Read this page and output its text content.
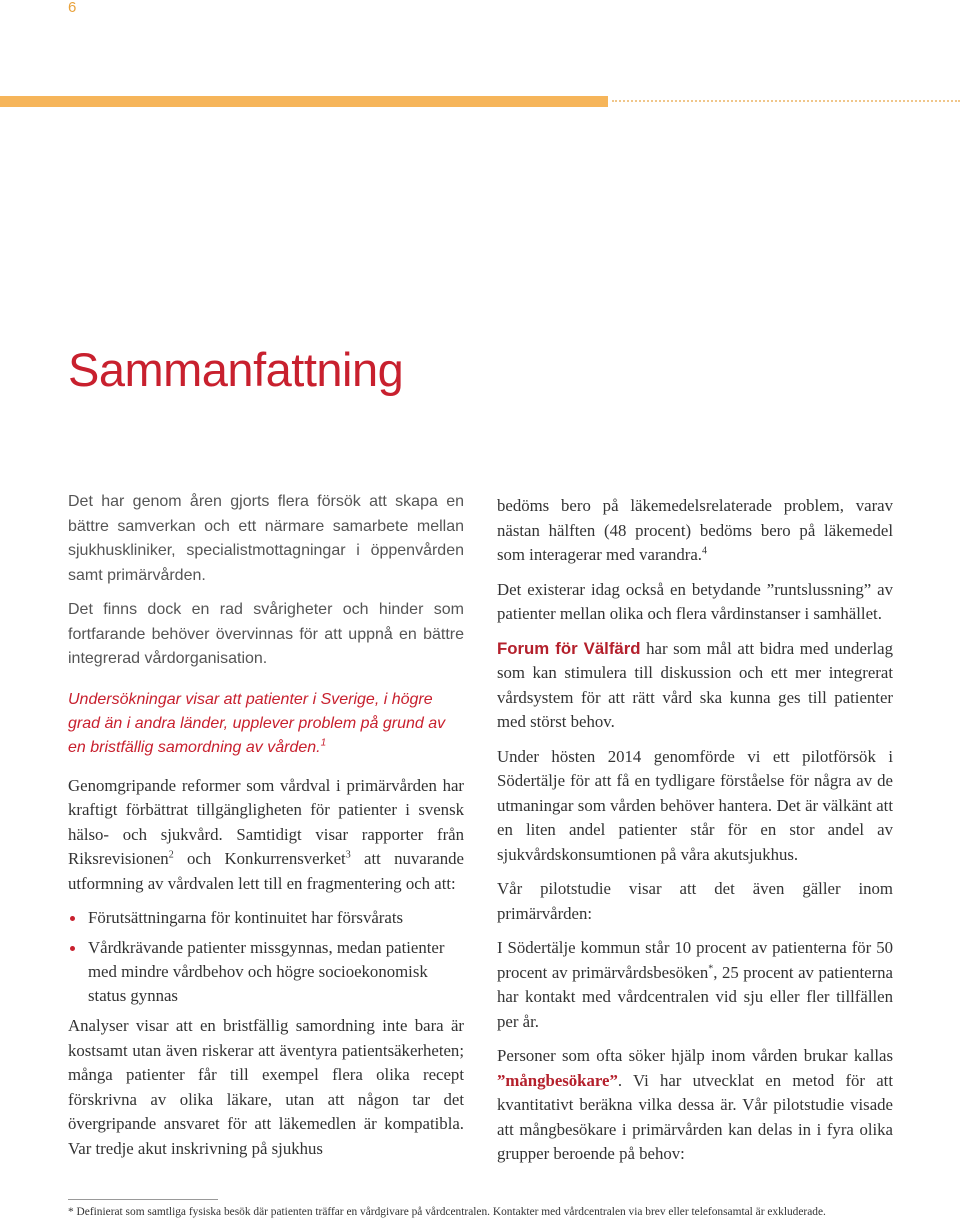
6
Sammanfattning

Det har genom åren gjorts flera försök att skapa en bättre samverkan och ett närmare samarbete mellan sjukhuskliniker, specialistmottagningar i öppenvården samt primärvården.

Det finns dock en rad svårigheter och hinder som fortfarande behöver övervinnas för att uppnå en bättre integrerad vårdorganisation.

Undersökningar visar att patienter i Sverige, i högre grad än i andra länder, upplever problem på grund av en bristfällig samordning av vården.$^1$

Genomgripande reformer som vårdval i primärvården har kraftigt förbättrat tillgängligheten för patienter i svensk hälso- och sjukvård. Samtidigt visar rapporter från Riksrevisionen$^2$ och Konkurrensverket$^3$ att nuvarande utformning av vårdvalen lett till en fragmentering och att:

Förutsättningarna för kontinuitet har försvårats
Vårdkrävande patienter missgynnas, medan patienter med mindre vårdbehov och högre socioekonomisk status gynnas

Analyser visar att en bristfällig samordning inte bara är kostsamt utan även riskerar att äventyra patientsäkerheten; många patienter får till exempel flera olika recept förskrivna av olika läkare, utan att någon tar det övergripande ansvaret för att läkemedlen är kompatibla. Var tredje akut inskrivning på sjukhus

bedöms bero på läkemedelsrelaterade problem, varav nästan hälften (48 procent) bedöms bero på läkemedel som interagerar med varandra.$^4$

Det existerar idag också en betydande ”runtslussning” av patienter mellan olika och flera vårdinstanser i samhället.

Forum för Välfärd har som mål att bidra med underlag som kan stimulera till diskussion och ett mer integrerat vårdsystem för att rätt vård ska kunna ges till patienter med störst behov.

Under hösten 2014 genomförde vi ett pilotförsök i Södertälje för att få en tydligare förståelse för några av de utmaningar som vården behöver hantera. Det är välkänt att en liten andel patienter står för en stor andel av sjukvårdskonsumtionen på våra akutsjukhus.

Vår pilotstudie visar att det även gäller inom primärvården:

I Södertälje kommun står 10 procent av patienterna för 50 procent av primärvårdsbesöken*, 25 procent av patienterna har kontakt med vårdcentralen vid sju eller fler tillfällen per år.

Personer som ofta söker hjälp inom vården brukar kallas ”mångbesökare”. Vi har utvecklat en metod för att kvantitativt beräkna vilka dessa är. Vår pilotstudie visade att mångbesökare i primärvården kan delas in i fyra olika grupper beroende på behov:

* Definierat som samtliga fysiska besök där patienten träffar en vårdgivare på vårdcentralen. Kontakter med vårdcentralen via brev eller telefonsamtal är exkluderade.
